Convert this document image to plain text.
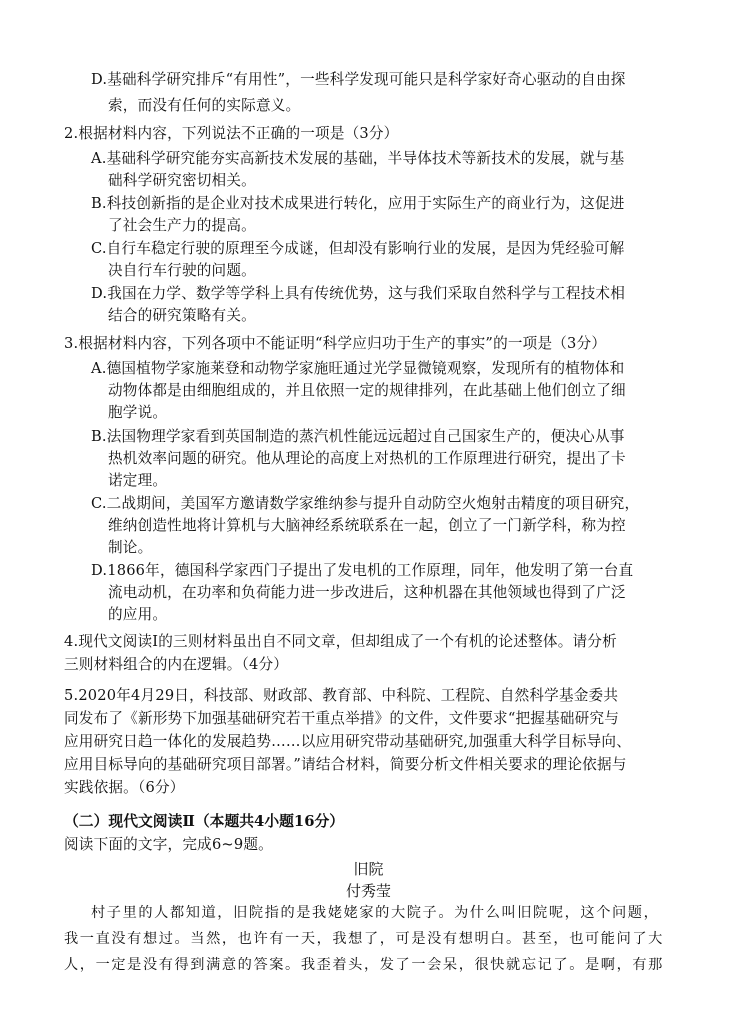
D.基础科学研究排斥“有用性”，一些科学发现可能只是科学家好奇心驱动的自由探
索，而没有任何的实际意义。
2.根据材料内容，下列说法不正确的一项是（3分）
A.基础科学研究能夯实高新技术发展的基础，半导体技术等新技术的发展，就与基
础科学研究密切相关。
B.科技创新指的是企业对技术成果进行转化，应用于实际生产的商业行为，这促进
了社会生产力的提高。
C.自行车稳定行驶的原理至今成谜，但却没有影响行业的发展，是因为凭经验可解
决自行车行驶的问题。
D.我国在力学、数学等学科上具有传统优势，这与我们采取自然科学与工程技术相
结合的研究策略有关。
3.根据材料内容，下列各项中不能证明“科学应归功于生产的事实”的一项是（3分）
A.德国植物学家施莱登和动物学家施旺通过光学显微镜观察，发现所有的植物体和
动物体都是由细胞组成的，并且依照一定的规律排列，在此基础上他们创立了细
胞学说。
B.法国物理学家看到英国制造的蒸汽机性能远远超过自己国家生产的，便决心从事
热机效率问题的研究。他从理论的高度上对热机的工作原理进行研究，提出了卡
诺定理。
C.二战期间，美国军方邀请数学家维纳参与提升自动防空火炮射击精度的项目研究，
维纳创造性地将计算机与大脑神经系统联系在一起，创立了一门新学科，称为控
制论。
D.1866年，德国科学家西门子提出了发电机的工作原理，同年，他发明了第一台直
流电动机，在功率和负荷能力进一步改进后，这种机器在其他领域也得到了广泛
的应用。
4.现代文阅读Ⅰ的三则材料虽出自不同文章，但却组成了一个有机的论述整体。请分析
三则材料组合的内在逻辑。（4分）
5.2020年4月29日，科技部、财政部、教育部、中科院、工程院、自然科学基金委共
同发布了《新形势下加强基础研究若干重点举措》的文件，文件要求“把握基础研究与
应用研究日趋一体化的发展趋势……以应用研究带动基础研究,加强重大科学目标导向、
应用目标导向的基础研究项目部署。”请结合材料，简要分析文件相关要求的理论依据与
实践依据。（6分）
（二）现代文阅读Ⅱ（本题共4小题16分）
阅读下面的文字，完成6~9题。
旧院
付秀莹
村子里的人都知道，旧院指的是我姥姥家的大院子。为什么叫旧院呢，这个问题，
我一直没有想过。当然，也许有一天，我想了，可是没有想明白。甚至，也可能问了大
人，一定是没有得到满意的答案。我歪着头，发了一会呆，很快就忘记了。是啊，有那
